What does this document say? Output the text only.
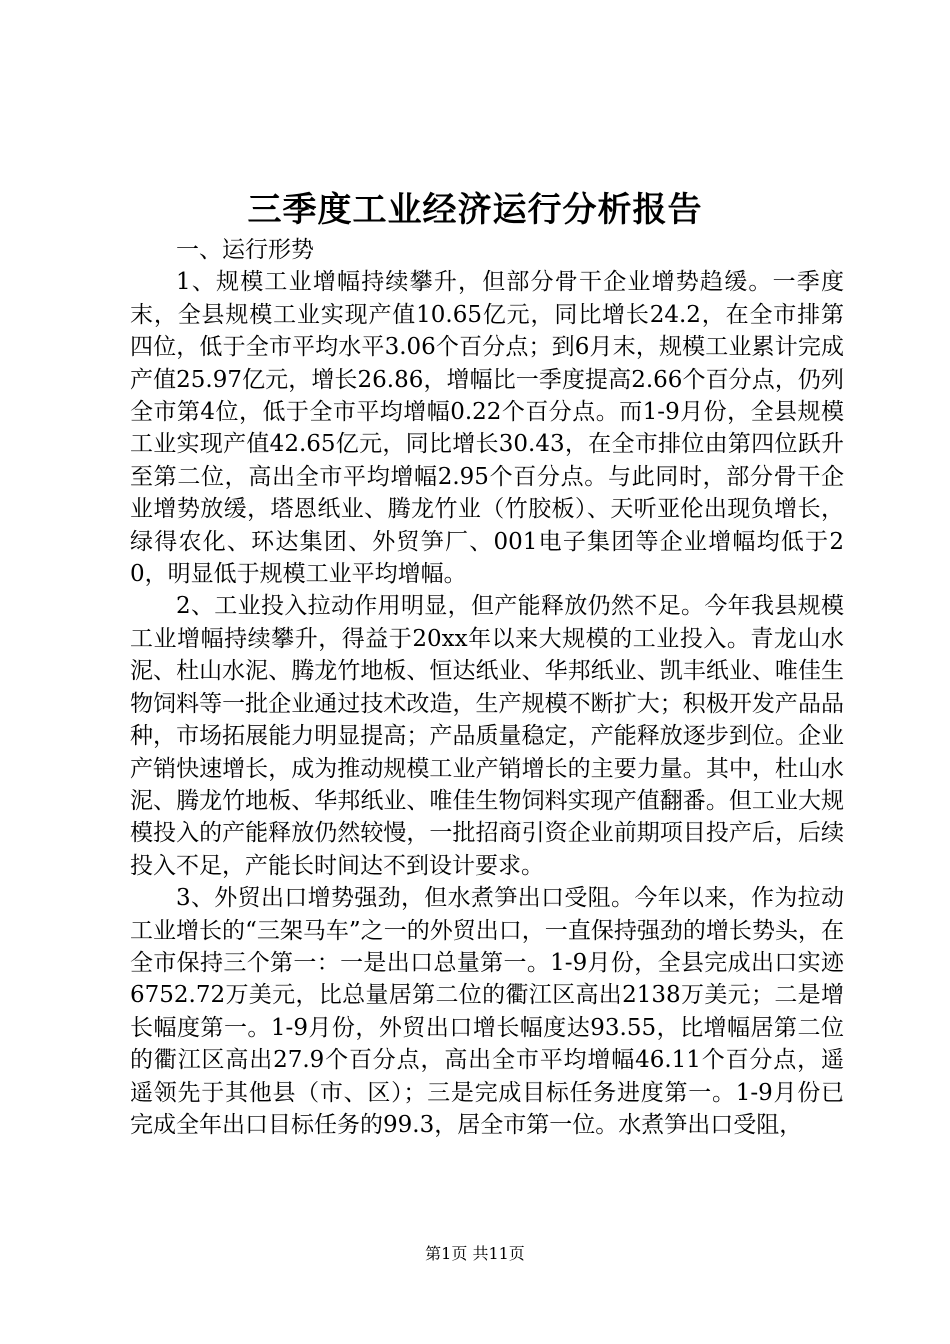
三季度工业经济运行分析报告

一、运行形势

1、规模工业增幅持续攀升，但部分骨干企业增势趋缓。一季度末，全县规模工业实现产值10.65亿元，同比增长24.2，在全市排第四位，低于全市平均水平3.06个百分点；到6月末，规模工业累计完成产值25.97亿元，增长26.86，增幅比一季度提高2.66个百分点，仍列全市第4位，低于全市平均增幅0.22个百分点。而1-9月份，全县规模工业实现产值42.65亿元，同比增长30.43，在全市排位由第四位跃升至第二位，高出全市平均增幅2.95个百分点。与此同时，部分骨干企业增势放缓，塔恩纸业、腾龙竹业（竹胶板）、天听亚伦出现负增长，绿得农化、环达集团、外贸笋厂、001电子集团等企业增幅均低于20，明显低于规模工业平均增幅。

2、工业投入拉动作用明显，但产能释放仍然不足。今年我县规模工业增幅持续攀升，得益于20xx年以来大规模的工业投入。青龙山水泥、杜山水泥、腾龙竹地板、恒达纸业、华邦纸业、凯丰纸业、唯佳生物饲料等一批企业通过技术改造，生产规模不断扩大；积极开发产品品种，市场拓展能力明显提高；产品质量稳定，产能释放逐步到位。企业产销快速增长，成为推动规模工业产销增长的主要力量。其中，杜山水泥、腾龙竹地板、华邦纸业、唯佳生物饲料实现产值翻番。但工业大规模投入的产能释放仍然较慢，一批招商引资企业前期项目投产后，后续投入不足，产能长时间达不到设计要求。

3、外贸出口增势强劲，但水煮笋出口受阻。今年以来，作为拉动工业增长的“三架马车”之一的外贸出口，一直保持强劲的增长势头，在全市保持三个第一：一是出口总量第一。1-9月份，全县完成出口实迹6752.72万美元，比总量居第二位的衢江区高出2138万美元；二是增长幅度第一。1-9月份，外贸出口增长幅度达93.55，比增幅居第二位的衢江区高出27.9个百分点，高出全市平均增幅46.11个百分点，遥遥领先于其他县（市、区）；三是完成目标任务进度第一。1-9月份已完成全年出口目标任务的99.3，居全市第一位。水煮笋出口受阻，

第1页 共11页
